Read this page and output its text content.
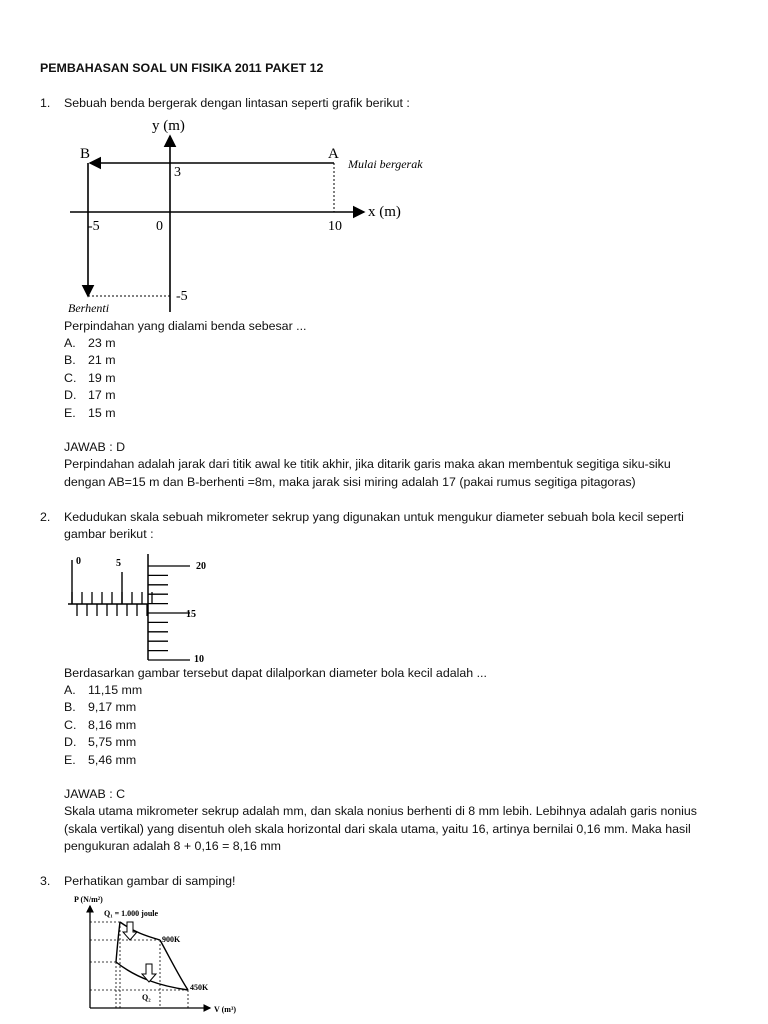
PEMBAHASAN SOAL UN FISIKA 2011 PAKET 12
1. Sebuah benda bergerak dengan lintasan seperti grafik berikut :
y (m)
x (m)
B	A
Mulai bergerak
3
-5	0	10
-5
Berhenti
Perpindahan yang dialami benda sebesar ...
A. 23 m
B. 21 m
C. 19 m
D. 17 m
E. 15 m
JAWAB : D
Perpindahan adalah jarak dari titik awal ke titik akhir, jika ditarik garis maka akan membentuk segitiga siku-siku
dengan AB=15 m dan B-berhenti =8m, maka jarak sisi miring adalah 17 (pakai rumus segitiga pitagoras)
2. Kedudukan skala sebuah mikrometer sekrup yang digunakan untuk mengukur diameter sebuah bola kecil seperti
gambar berikut :
0	5	20
15
10
Berdasarkan gambar tersebut dapat dilalporkan diameter bola kecil adalah ...
A. 11,15 mm
B. 9,17 mm
C. 8,16 mm
D. 5,75 mm
E. 5,46 mm
JAWAB : C
Skala utama mikrometer sekrup adalah mm, dan skala nonius berhenti di 8 mm lebih. Lebihnya adalah garis nonius
(skala vertikal) yang disentuh oleh skala horizontal dari skala utama, yaitu 16, artinya bernilai 0,16 mm. Maka hasil
pengukuran adalah 8 + 0,16 = 8,16 mm
3. Perhatikan gambar di samping!
P (N/m²)
Q₁ = 1.000 joule
900K
450K
Q₂
V (m³)
